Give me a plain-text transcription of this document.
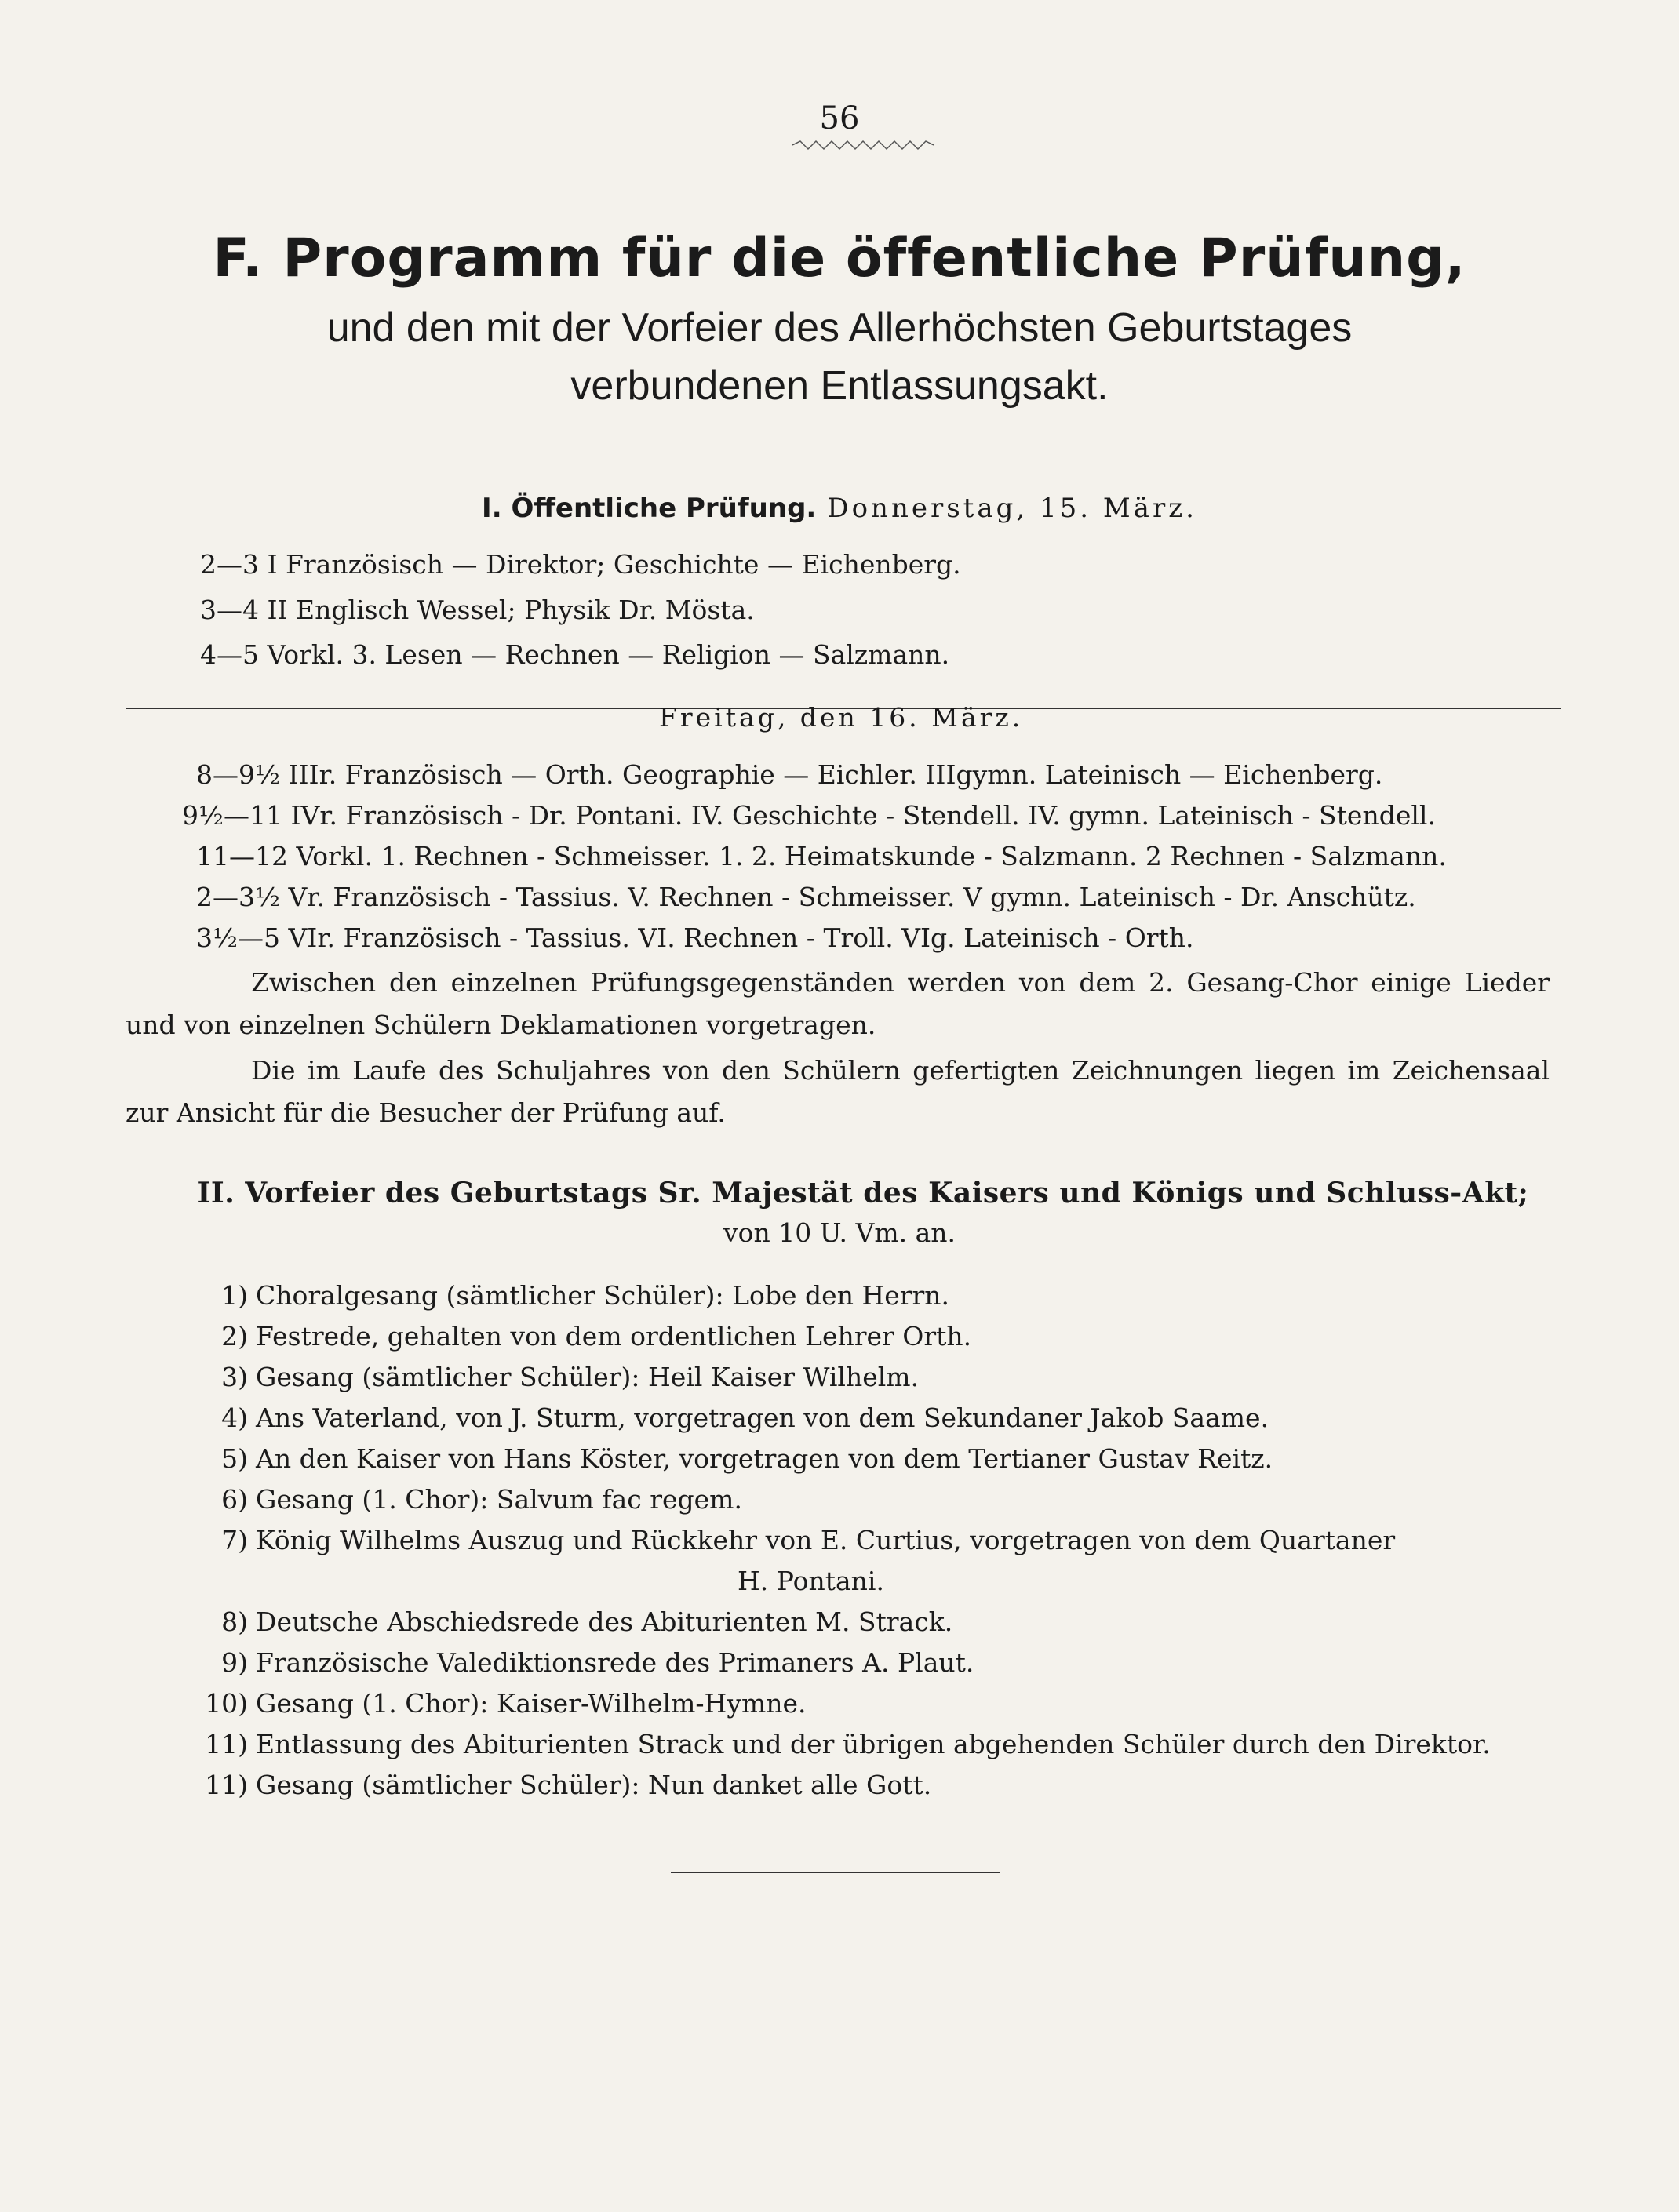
56
F. Programm für die öffentliche Prüfung,
und den mit der Vorfeier des Allerhöchsten Geburtstages
verbundenen Entlassungsakt.
I. Öffentliche Prüfung. Donnerstag, 15. März.
2—3 I Französisch — Direktor; Geschichte — Eichenberg.
3—4 II Englisch Wessel; Physik Dr. Mösta.
4—5 Vorkl. 3. Lesen — Rechnen — Religion — Salzmann.
Freitag, den 16. März.
8—9½ IIIr. Französisch — Orth. Geographie — Eichler. IIIgymn. Lateinisch — Eichenberg.
9½—11 IVr. Französisch - Dr. Pontani. IV. Geschichte - Stendell. IV. gymn. Lateinisch - Stendell.
11—12 Vorkl. 1. Rechnen - Schmeisser. 1. 2. Heimatskunde - Salzmann. 2 Rechnen - Salzmann.
2—3½ Vr. Französisch - Tassius. V. Rechnen - Schmeisser. V gymn. Lateinisch - Dr. Anschütz.
3½—5 VIr. Französisch - Tassius. VI. Rechnen - Troll. VIg. Lateinisch - Orth.
Zwischen den einzelnen Prüfungsgegenständen werden von dem 2. Gesang-Chor einige Lieder und von einzelnen Schülern Deklamationen vorgetragen.
Die im Laufe des Schuljahres von den Schülern gefertigten Zeichnungen liegen im Zeichensaal zur Ansicht für die Besucher der Prüfung auf.
II. Vorfeier des Geburtstags Sr. Majestät des Kaisers und Königs und Schluss-Akt;
von 10 U. Vm. an.
1) Choralgesang (sämtlicher Schüler): Lobe den Herrn.
2) Festrede, gehalten von dem ordentlichen Lehrer Orth.
3) Gesang (sämtlicher Schüler): Heil Kaiser Wilhelm.
4) Ans Vaterland, von J. Sturm, vorgetragen von dem Sekundaner Jakob Saame.
5) An den Kaiser von Hans Köster, vorgetragen von dem Tertianer Gustav Reitz.
6) Gesang (1. Chor): Salvum fac regem.
7) König Wilhelms Auszug und Rückkehr von E. Curtius, vorgetragen von dem Quartaner
H. Pontani.
8) Deutsche Abschiedsrede des Abiturienten M. Strack.
9) Französische Valediktionsrede des Primaners A. Plaut.
10) Gesang (1. Chor): Kaiser-Wilhelm-Hymne.
11) Entlassung des Abiturienten Strack und der übrigen abgehenden Schüler durch den Direktor.
11) Gesang (sämtlicher Schüler): Nun danket alle Gott.
